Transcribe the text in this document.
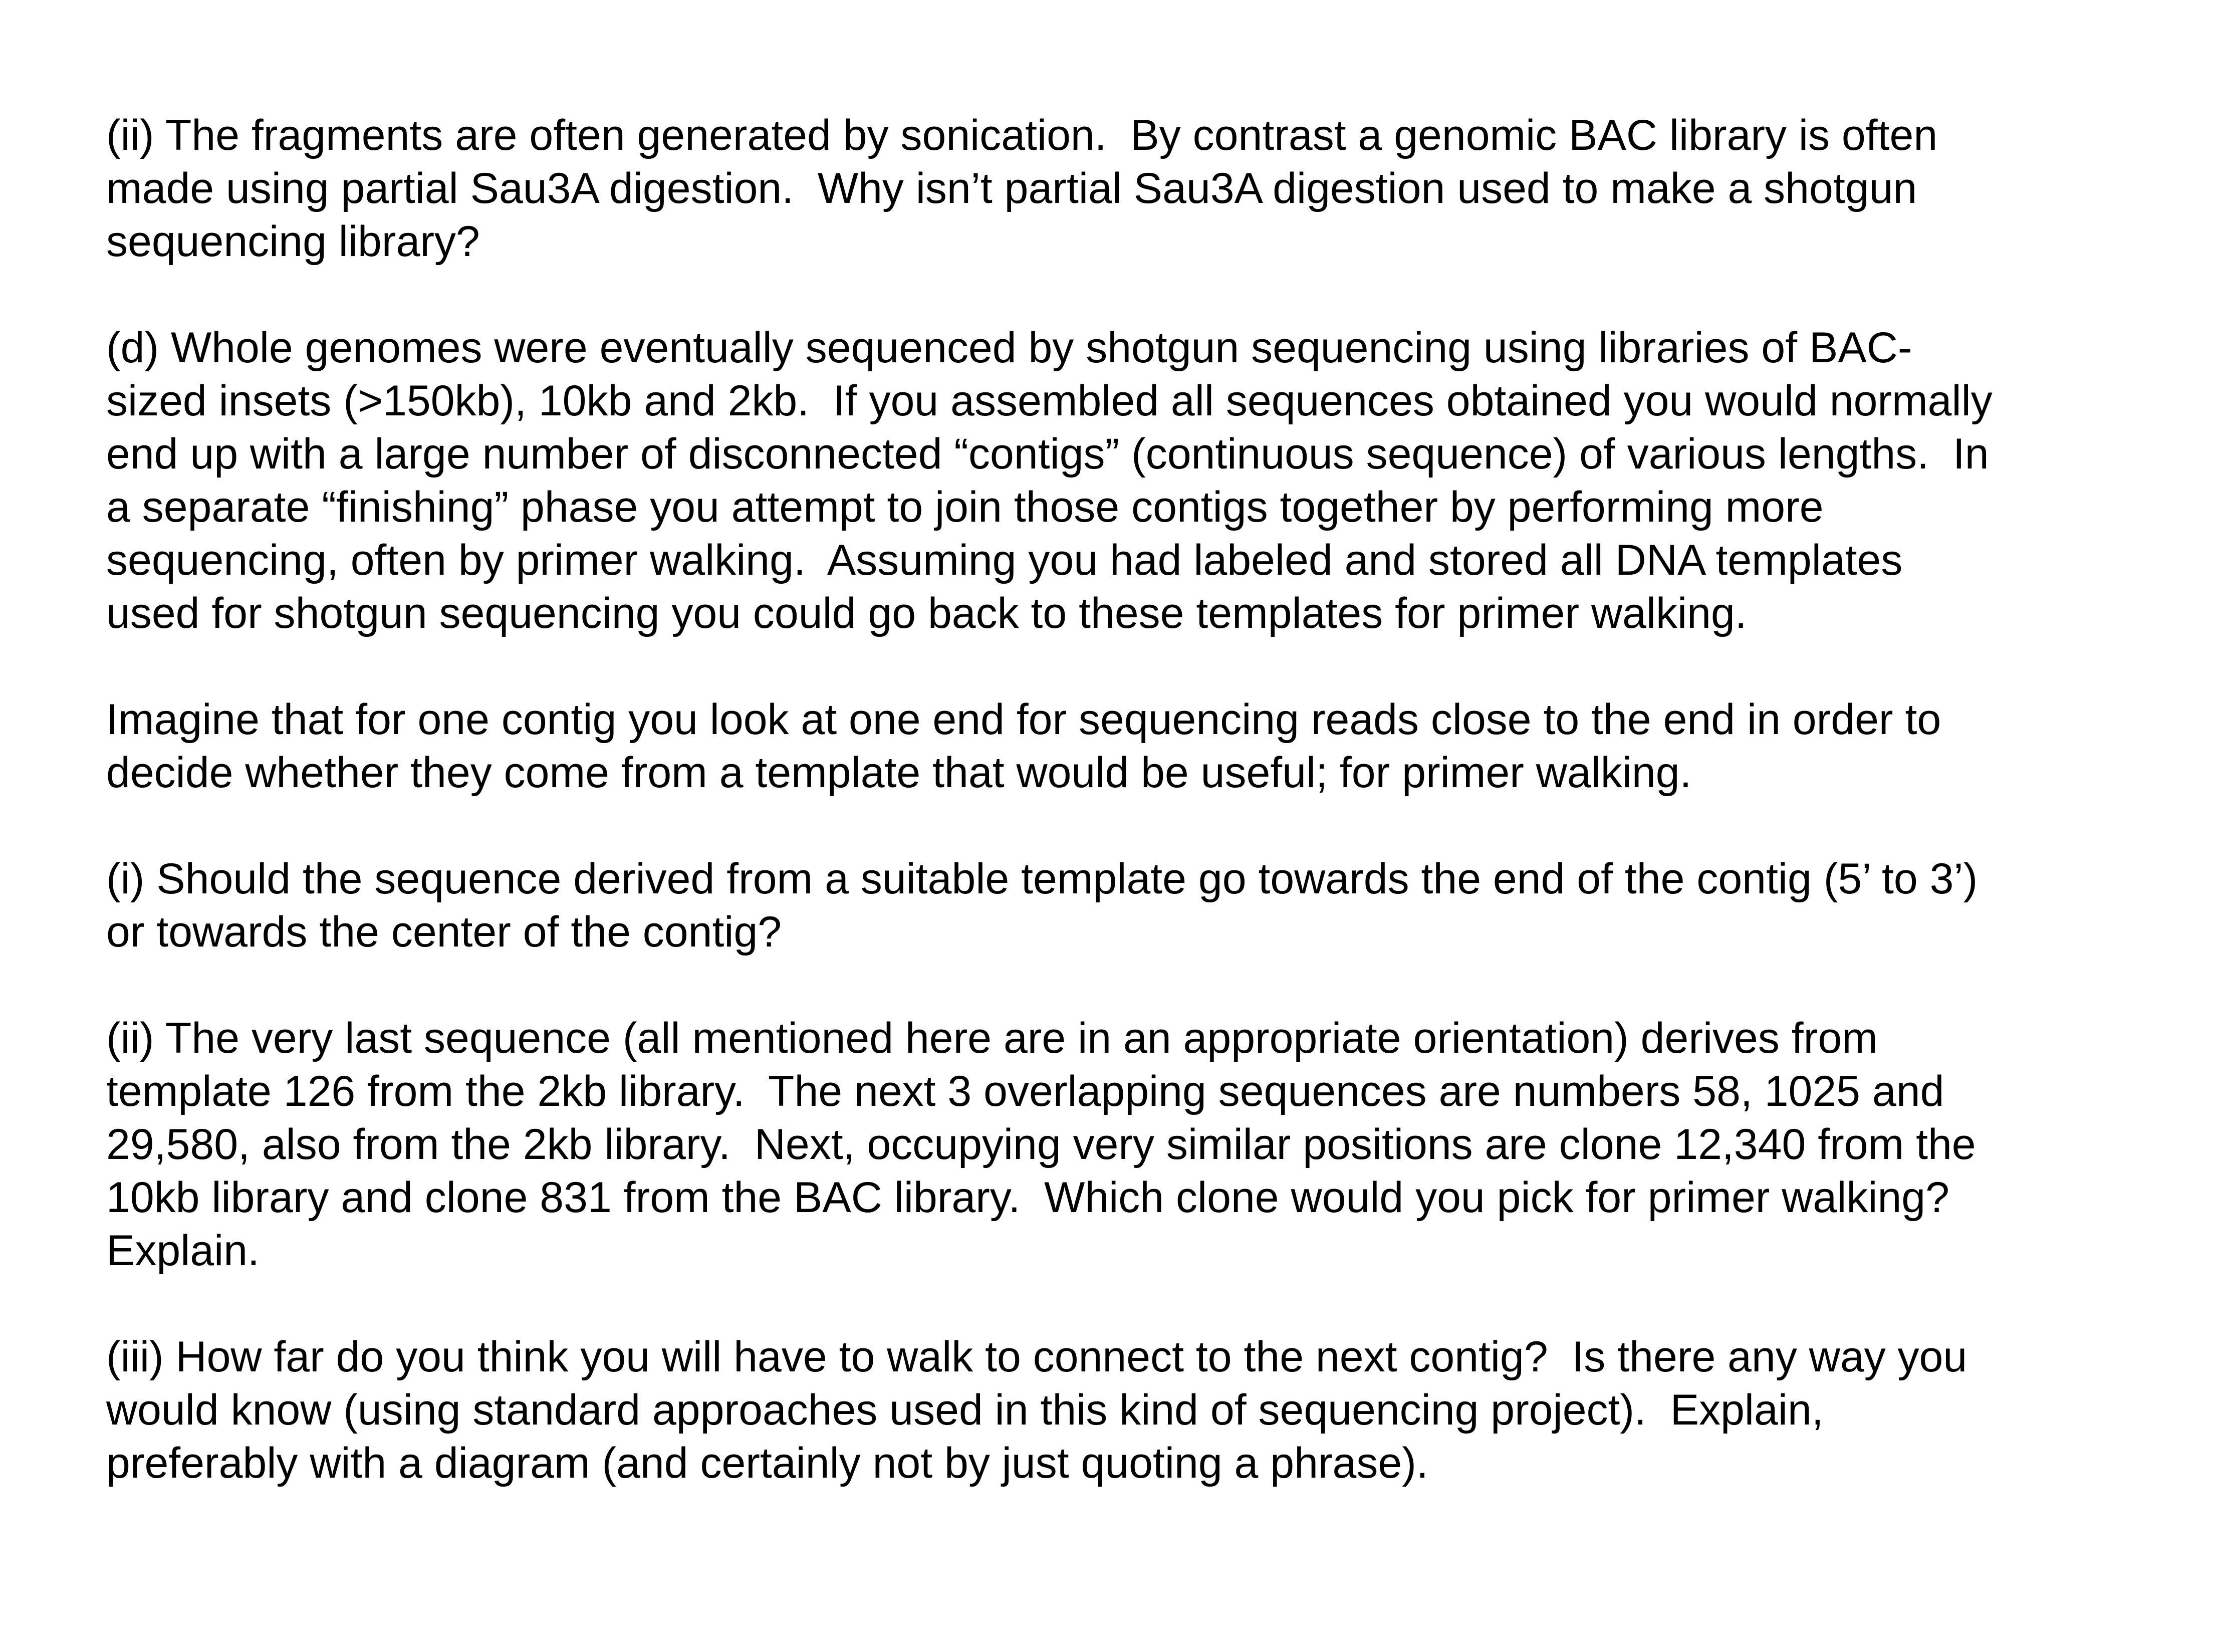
(ii) The fragments are often generated by sonication.  By contrast a genomic BAC library is often
made using partial Sau3A digestion.  Why isn’t partial Sau3A digestion used to make a shotgun
sequencing library?
(d) Whole genomes were eventually sequenced by shotgun sequencing using libraries of BAC-
sized insets (>150kb), 10kb and 2kb.  If you assembled all sequences obtained you would normally
end up with a large number of disconnected “contigs” (continuous sequence) of various lengths.  In
a separate “finishing” phase you attempt to join those contigs together by performing more
sequencing, often by primer walking.  Assuming you had labeled and stored all DNA templates
used for shotgun sequencing you could go back to these templates for primer walking.
Imagine that for one contig you look at one end for sequencing reads close to the end in order to
decide whether they come from a template that would be useful; for primer walking.
(i) Should the sequence derived from a suitable template go towards the end of the contig (5’ to 3’)
or towards the center of the contig?
(ii) The very last sequence (all mentioned here are in an appropriate orientation) derives from
template 126 from the 2kb library.  The next 3 overlapping sequences are numbers 58, 1025 and
29,580, also from the 2kb library.  Next, occupying very similar positions are clone 12,340 from the
10kb library and clone 831 from the BAC library.  Which clone would you pick for primer walking?
Explain.
(iii) How far do you think you will have to walk to connect to the next contig?  Is there any way you
would know (using standard approaches used in this kind of sequencing project).  Explain,
preferably with a diagram (and certainly not by just quoting a phrase).
